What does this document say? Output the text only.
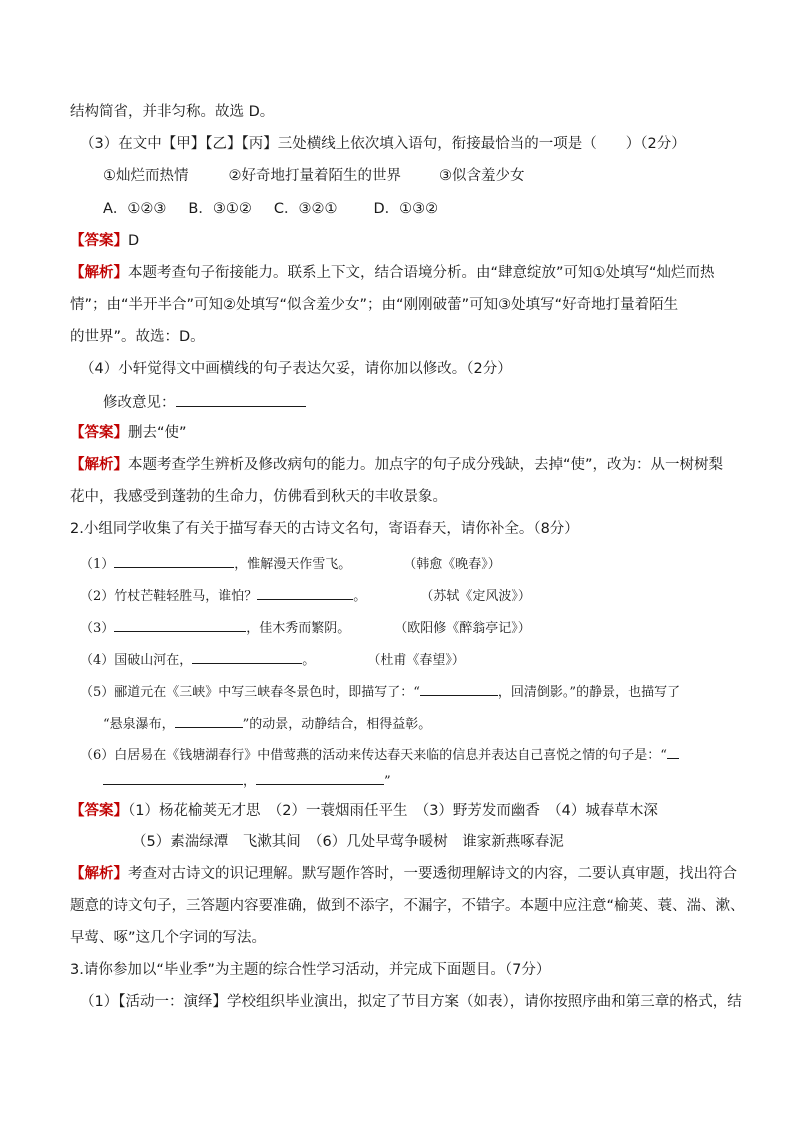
结构简省，并非匀称。故选 D。
（3）在文中【甲】【乙】【丙】三处横线上依次填入语句，衔接最恰当的一项是（　　）（2分）
①灿烂而热情	②好奇地打量着陌生的世界	③似含羞少女
A．①②③ B．③①② C．③②① D．①③②
【答案】D
【解析】本题考查句子衔接能力。联系上下文，结合语境分析。由“肆意绽放”可知①处填写“灿烂而热
情”；由“半开半合”可知②处填写“似含羞少女”；由“刚刚破蕾”可知③处填写“好奇地打量着陌生
的世界”。故选：D。
（4）小轩觉得文中画横线的句子表达欠妥，请你加以修改。（2分）
修改意见：
【答案】删去“使”
【解析】本题考查学生辨析及修改病句的能力。加点字的句子成分残缺，去掉“使”，改为：从一树树梨
花中，我感受到蓬勃的生命力，仿佛看到秋天的丰收景象。
2.小组同学收集了有关于描写春天的古诗文名句，寄语春天，请你补全。（8分）
（1）	，惟解漫天作雪飞。	（韩愈《晚春》）
（2）竹杖芒鞋轻胜马，谁怕？	。	（苏轼《定风波》）
（3）	，佳木秀而繁阴。	（欧阳修《醉翁亭记》）
（4）国破山河在，	。	（杜甫《春望》）
（5）郦道元在《三峡》中写三峡春冬景色时，即描写了：“	，回清倒影。”的静景，也描写了
“悬泉瀑布，	”的动景，动静结合，相得益彰。
（6）白居易在《钱塘湖春行》中借莺燕的活动来传达春天来临的信息并表达自己喜悦之情的句子是：“
，	”
【答案】（1）杨花榆荚无才思　（2）一蓑烟雨任平生　（3）野芳发而幽香　（4）城春草木深
（5）素湍绿潭　飞漱其间　（6）几处早莺争暖树　谁家新燕啄春泥
【解析】考查对古诗文的识记理解。默写题作答时，一要透彻理解诗文的内容，二要认真审题，找出符合
题意的诗文句子，三答题内容要准确，做到不添字，不漏字，不错字。本题中应注意“榆荚、蓑、湍、漱、
早莺、啄”这几个字词的写法。
3.请你参加以“毕业季”为主题的综合性学习活动，并完成下面题目。（7分）
（1）【活动一：演绎】学校组织毕业演出，拟定了节目方案（如表），请你按照序曲和第三章的格式，结
